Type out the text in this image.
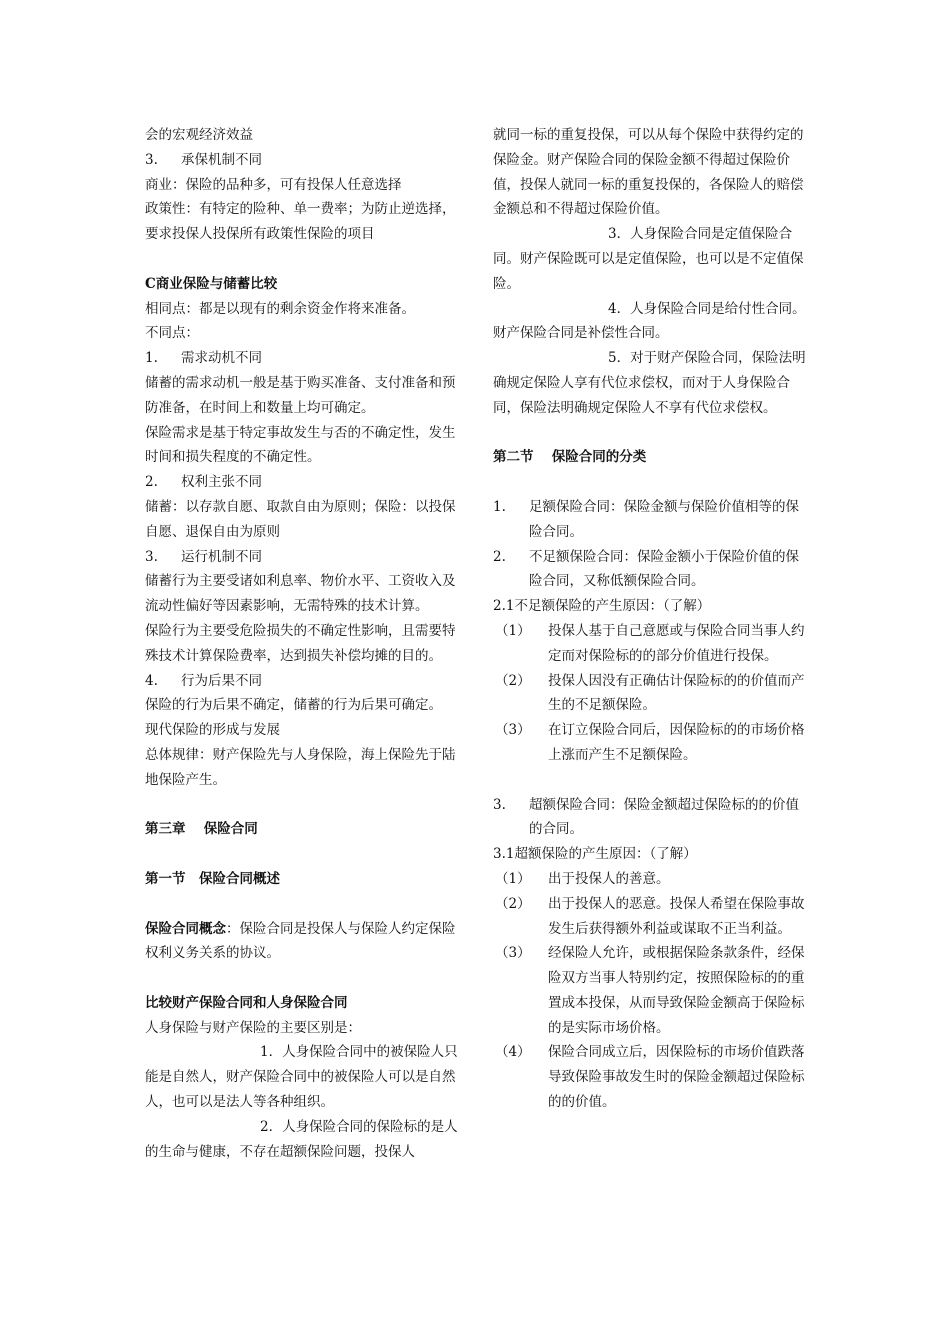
会的宏观经济效益

3. 承保机制不同

商业：保险的品种多，可有投保人任意选择

政策性：有特定的险种、单一费率；为防止逆选择，要求投保人投保所有政策性保险的项目

C商业保险与储蓄比较

相同点：都是以现有的剩余资金作将来准备。

不同点：

1. 需求动机不同

储蓄的需求动机一般是基于购买准备、支付准备和预防准备，在时间上和数量上均可确定。

保险需求是基于特定事故发生与否的不确定性，发生时间和损失程度的不确定性。

2. 权利主张不同

储蓄：以存款自愿、取款自由为原则；保险：以投保自愿、退保自由为原则

3. 运行机制不同

储蓄行为主要受诸如利息率、物价水平、工资收入及流动性偏好等因素影响，无需特殊的技术计算。

保险行为主要受危险损失的不确定性影响，且需要特殊技术计算保险费率，达到损失补偿均摊的目的。

4. 行为后果不同

保险的行为后果不确定，储蓄的行为后果可确定。

现代保险的形成与发展

总体规律：财产保险先与人身保险，海上保险先于陆地保险产生。

第三章　 保险合同

第一节　保险合同概述

保险合同概念：保险合同是投保人与保险人约定保险权利义务关系的协议。

比较财产保险合同和人身保险合同

人身保险与财产保险的主要区别是：

1．人身保险合同中的被保险人只能是自然人，财产保险合同中的被保险人可以是自然人，也可以是法人等各种组织。

2．人身保险合同的保险标的是人的生命与健康，不存在超额保险问题，投保人

就同一标的重复投保，可以从每个保险中获得约定的保险金。财产保险合同的保险金额不得超过保险价值，投保人就同一标的重复投保的，各保险人的赔偿金额总和不得超过保险价值。

3．人身保险合同是定值保险合同。财产保险既可以是定值保险，也可以是不定值保险。

4．人身保险合同是给付性合同。财产保险合同是补偿性合同。

5．对于财产保险合同，保险法明确规定保险人享有代位求偿权，而对于人身保险合同，保险法明确规定保险人不享有代位求偿权。

第二节　 保险合同的分类

1.	足额保险合同：保险金额与保险价值相等的保险合同。
2.	不足额保险合同：保险金额小于保险价值的保险合同，又称低额保险合同。

2.1不足额保险的产生原因：（了解）

（1）	投保人基于自己意愿或与保险合同当事人约定而对保险标的的部分价值进行投保。
（2）	投保人因没有正确估计保险标的的价值而产生的不足额保险。
（3）	在订立保险合同后，因保险标的的市场价格上涨而产生不足额保险。
3.	超额保险合同：保险金额超过保险标的的价值的合同。

3.1超额保险的产生原因：（了解）

（1）	出于投保人的善意。
（2）	出于投保人的恶意。投保人希望在保险事故发生后获得额外利益或谋取不正当利益。
（3）	经保险人允许，或根据保险条款条件，经保险双方当事人特别约定，按照保险标的的重置成本投保，从而导致保险金额高于保险标的是实际市场价格。
（4）	保险合同成立后，因保险标的市场价值跌落导致保险事故发生时的保险金额超过保险标的的价值。
